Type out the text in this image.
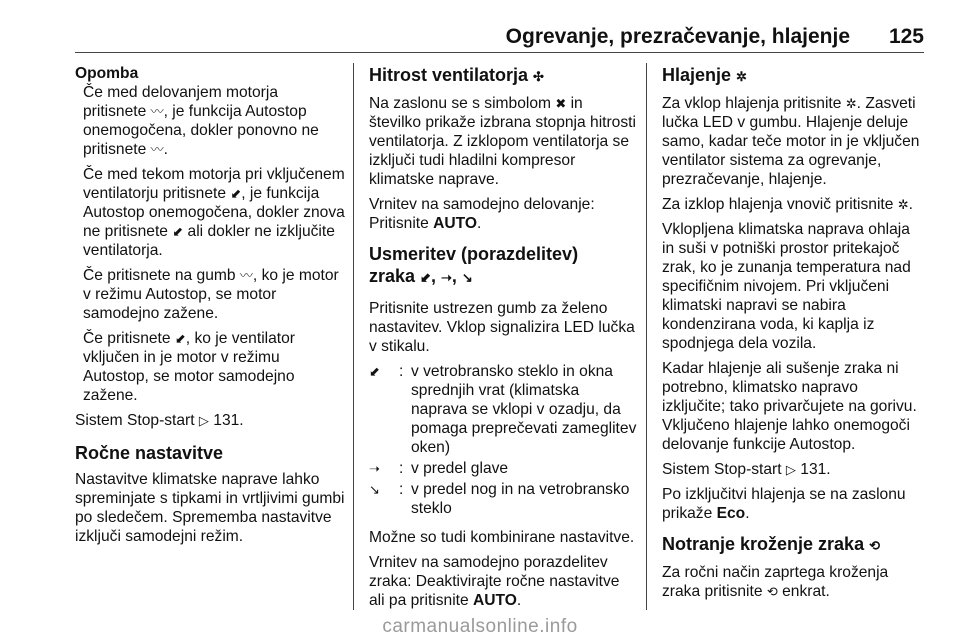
Ogrevanje, prezračevanje, hlajenje 125

Opomba

Če med delovanjem motorja pritisnete 〰, je funkcija Autostop onemogočena, dokler ponovno ne pritisnete 〰.

Če med tekom motorja pri vključenem ventilatorju pritisnete ⬋, je funkcija Autostop onemogočena, dokler znova ne pritisnete ⬋ ali dokler ne izključite ventilatorja.

Če pritisnete na gumb 〰, ko je motor v režimu Autostop, se motor samodejno zažene.

Če pritisnete ⬋, ko je ventilator vključen in je motor v režimu Autostop, se motor samodejno zažene.

Sistem Stop-start ▷ 131.

Ročne nastavitve

Nastavitve klimatske naprave lahko spreminjate s tipkami in vrtljivimi gumbi po sledečem. Sprememba nastavitve izključi samodejni režim.

Hitrost ventilatorja ✣

Na zaslonu se s simbolom ✖ in številko prikaže izbrana stopnja hitrosti ventilatorja. Z izklopom ventilatorja se izključi tudi hladilni kompresor klimatske naprave.

Vrnitev na samodejno delovanje: Pritisnite AUTO.

Usmeritev (porazdelitev)
zraka ⬋, ➝, ↘

Pritisnite ustrezen gumb za želeno nastavitev. Vklop signalizira LED lučka v stikalu.

⬋	: v vetrobransko steklo in okna sprednjih vrat (klimatska naprava se vklopi v ozadju, da pomaga preprečevati zameglitev oken)
➝	: v predel glave
↘	: v predel nog in na vetrobransko steklo

Možne so tudi kombinirane nastavitve.

Vrnitev na samodejno porazdelitev zraka: Deaktivirajte ročne nastavitve ali pa pritisnite AUTO.

Hlajenje ✲

Za vklop hlajenja pritisnite ✲. Zasveti lučka LED v gumbu. Hlajenje deluje samo, kadar teče motor in je vključen ventilator sistema za ogrevanje, prezračevanje, hlajenje.

Za izklop hlajenja vnovič pritisnite ✲.

Vklopljena klimatska naprava ohlaja in suši v potniški prostor pritekajoč zrak, ko je zunanja temperatura nad specifičnim nivojem. Pri vključeni klimatski napravi se nabira kondenzirana voda, ki kaplja iz spodnjega dela vozila.

Kadar hlajenje ali sušenje zraka ni potrebno, klimatsko napravo izključite; tako privarčujete na gorivu. Vključeno hlajenje lahko onemogoči delovanje funkcije Autostop.

Sistem Stop-start ▷ 131.

Po izključitvi hlajenja se na zaslonu prikaže Eco.

Notranje kroženje zraka ⟲

Za ročni način zaprtega kroženja zraka pritisnite ⟲ enkrat.

carmanualsonline.info
